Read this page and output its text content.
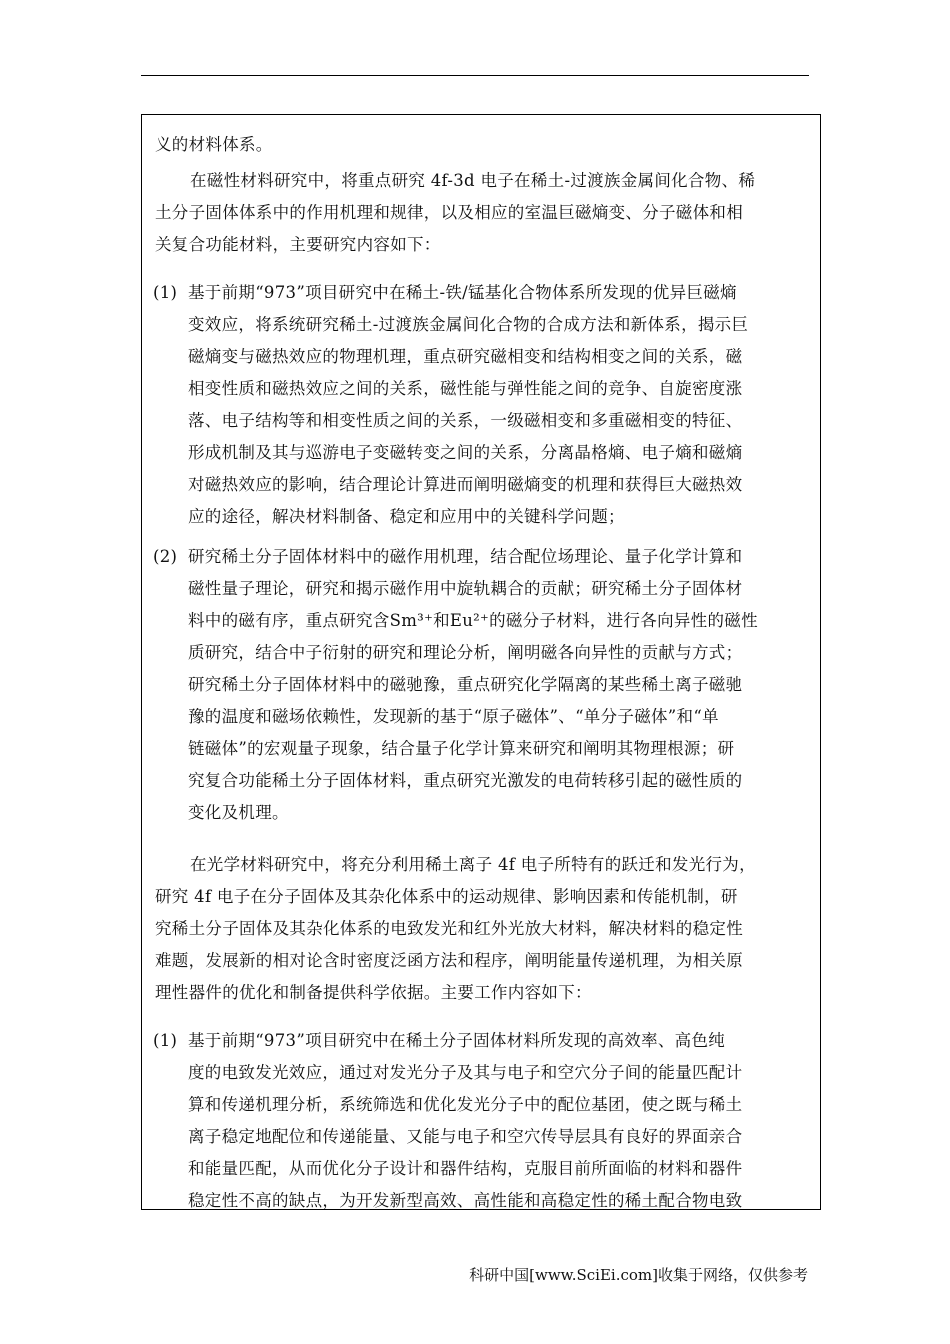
义的材料体系。
在磁性材料研究中，将重点研究 4f-3d 电子在稀土-过渡族金属间化合物、稀
土分子固体体系中的作用机理和规律，以及相应的室温巨磁熵变、分子磁体和相
关复合功能材料，主要研究内容如下：
(1) 基于前期“973”项目研究中在稀土-铁/锰基化合物体系所发现的优异巨磁熵
变效应，将系统研究稀土-过渡族金属间化合物的合成方法和新体系，揭示巨
磁熵变与磁热效应的物理机理，重点研究磁相变和结构相变之间的关系，磁
相变性质和磁热效应之间的关系，磁性能与弹性能之间的竞争、自旋密度涨
落、电子结构等和相变性质之间的关系，一级磁相变和多重磁相变的特征、
形成机制及其与巡游电子变磁转变之间的关系，分离晶格熵、电子熵和磁熵
对磁热效应的影响，结合理论计算进而阐明磁熵变的机理和获得巨大磁热效
应的途径，解决材料制备、稳定和应用中的关键科学问题；
(2) 研究稀土分子固体材料中的磁作用机理，结合配位场理论、量子化学计算和
磁性量子理论，研究和揭示磁作用中旋轨耦合的贡献；研究稀土分子固体材
料中的磁有序，重点研究含Sm³⁺和Eu²⁺的磁分子材料，进行各向异性的磁性
质研究，结合中子衍射的研究和理论分析，阐明磁各向异性的贡献与方式；
研究稀土分子固体材料中的磁驰豫，重点研究化学隔离的某些稀土离子磁驰
豫的温度和磁场依赖性，发现新的基于“原子磁体”、“单分子磁体”和“单
链磁体”的宏观量子现象，结合量子化学计算来研究和阐明其物理根源；研
究复合功能稀土分子固体材料，重点研究光激发的电荷转移引起的磁性质的
变化及机理。
在光学材料研究中，将充分利用稀土离子 4f 电子所特有的跃迁和发光行为，
研究 4f 电子在分子固体及其杂化体系中的运动规律、影响因素和传能机制，研
究稀土分子固体及其杂化体系的电致发光和红外光放大材料，解决材料的稳定性
难题，发展新的相对论含时密度泛函方法和程序，阐明能量传递机理，为相关原
理性器件的优化和制备提供科学依据。主要工作内容如下：
(1) 基于前期“973”项目研究中在稀土分子固体材料所发现的高效率、高色纯
度的电致发光效应，通过对发光分子及其与电子和空穴分子间的能量匹配计
算和传递机理分析，系统筛选和优化发光分子中的配位基团，使之既与稀土
离子稳定地配位和传递能量、又能与电子和空穴传导层具有良好的界面亲合
和能量匹配，从而优化分子设计和器件结构，克服目前所面临的材料和器件
稳定性不高的缺点，为开发新型高效、高性能和高稳定性的稀土配合物电致
科研中国[www.SciEi.com]收集于网络，仅供参考
